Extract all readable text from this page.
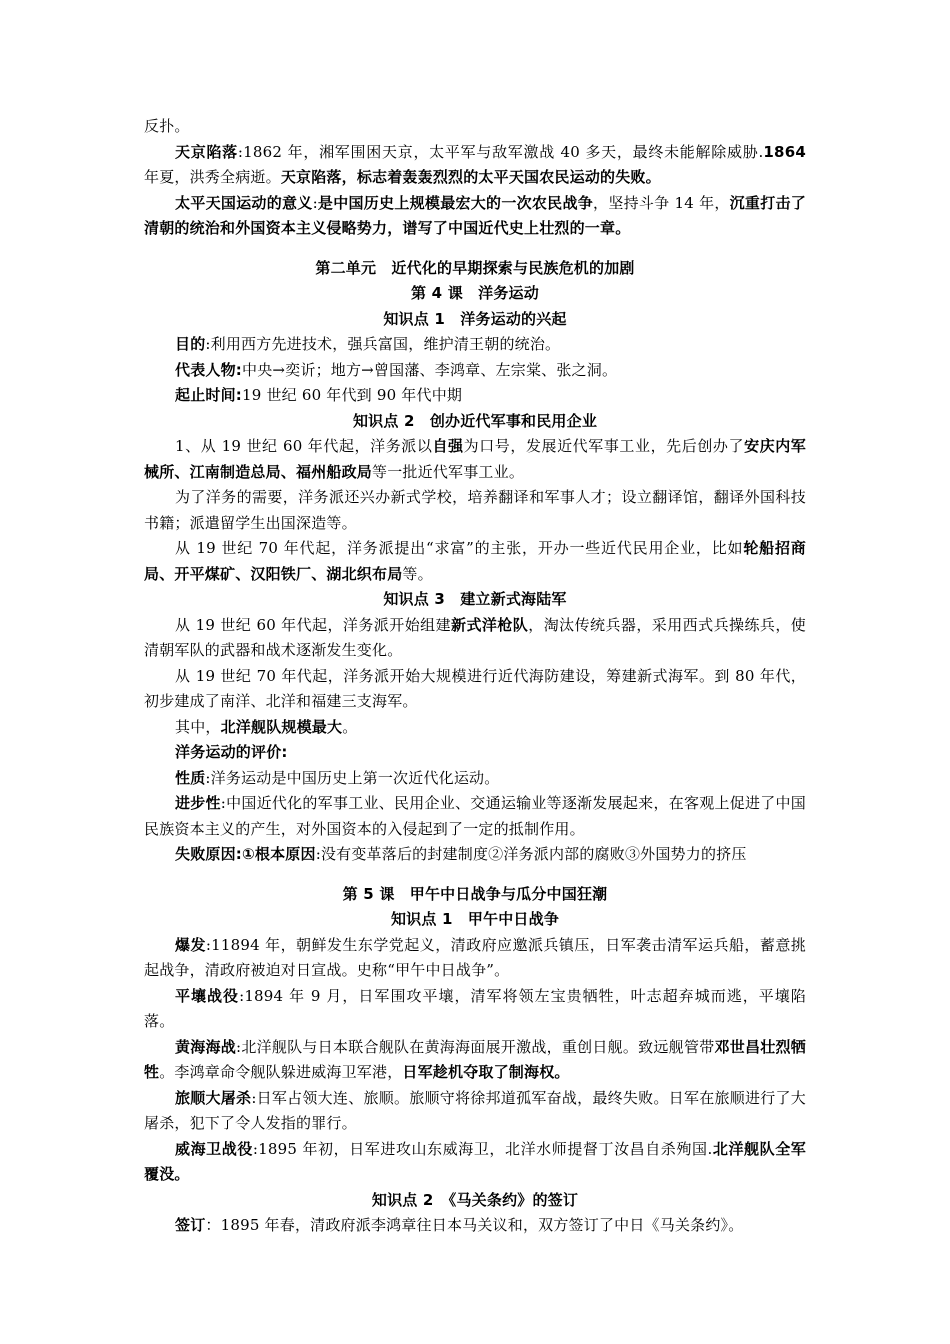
反扑。

天京陷落:1862 年，湘军围困天京，太平军与敌军激战 40 多天，最终未能解除威胁.1864 年夏，洪秀全病逝。天京陷落，标志着轰轰烈烈的太平天国农民运动的失败。

太平天国运动的意义:是中国历史上规模最宏大的一次农民战争，坚持斗争 14 年，沉重打击了清朝的统治和外国资本主义侵略势力，谱写了中国近代史上壮烈的一章。

第二单元　近代化的早期探索与民族危机的加剧

第 4 课　洋务运动

知识点 1　洋务运动的兴起

目的:利用西方先进技术，强兵富国，维护清王朝的统治。

代表人物:中央→奕䜣；地方→曾国藩、李鸿章、左宗棠、张之洞。

起止时间:19 世纪 60 年代到 90 年代中期

知识点 2　创办近代军事和民用企业

1、从 19 世纪 60 年代起，洋务派以自强为口号，发展近代军事工业，先后创办了安庆内军械所、江南制造总局、福州船政局等一批近代军事工业。

为了洋务的需要，洋务派还兴办新式学校，培养翻译和军事人才；设立翻译馆，翻译外国科技书籍；派遣留学生出国深造等。

从 19 世纪 70 年代起，洋务派提出“求富”的主张，开办一些近代民用企业，比如轮船招商局、开平煤矿、汉阳铁厂、湖北织布局等。

知识点 3　建立新式海陆军

从 19 世纪 60 年代起，洋务派开始组建新式洋枪队，淘汰传统兵器，采用西式兵操练兵，使清朝军队的武器和战术逐渐发生变化。

从 19 世纪 70 年代起，洋务派开始大规模进行近代海防建设，筹建新式海军。到 80 年代，初步建成了南洋、北洋和福建三支海军。

其中，北洋舰队规模最大。

洋务运动的评价:

性质:洋务运动是中国历史上第一次近代化运动。

进步性:中国近代化的军事工业、民用企业、交通运输业等逐渐发展起来，在客观上促进了中国民族资本主义的产生，对外国资本的入侵起到了一定的抵制作用。

失败原因:①根本原因:没有变革落后的封建制度②洋务派内部的腐败③外国势力的挤压

第 5 课　甲午中日战争与瓜分中国狂潮

知识点 1　甲午中日战争

爆发:11894 年，朝鲜发生东学党起义，清政府应邀派兵镇压，日军袭击清军运兵船，蓄意挑起战争，清政府被迫对日宣战。史称“甲午中日战争”。

平壤战役:1894 年 9 月，日军围攻平壤，清军将领左宝贵牺牲，叶志超弃城而逃，平壤陷落。

黄海海战:北洋舰队与日本联合舰队在黄海海面展开激战，重创日舰。致远舰管带邓世昌壮烈牺牲。李鸿章命令舰队躲进威海卫军港，日军趁机夺取了制海权。

旅顺大屠杀:日军占领大连、旅顺。旅顺守将徐邦道孤军奋战，最终失败。日军在旅顺进行了大屠杀，犯下了令人发指的罪行。

威海卫战役:1895 年初，日军进攻山东威海卫，北洋水师提督丁汝昌自杀殉国.北洋舰队全军覆没。

知识点 2　《马关条约》的签订

签订：1895 年春，清政府派李鸿章往日本马关议和，双方签订了中日《马关条约》。
